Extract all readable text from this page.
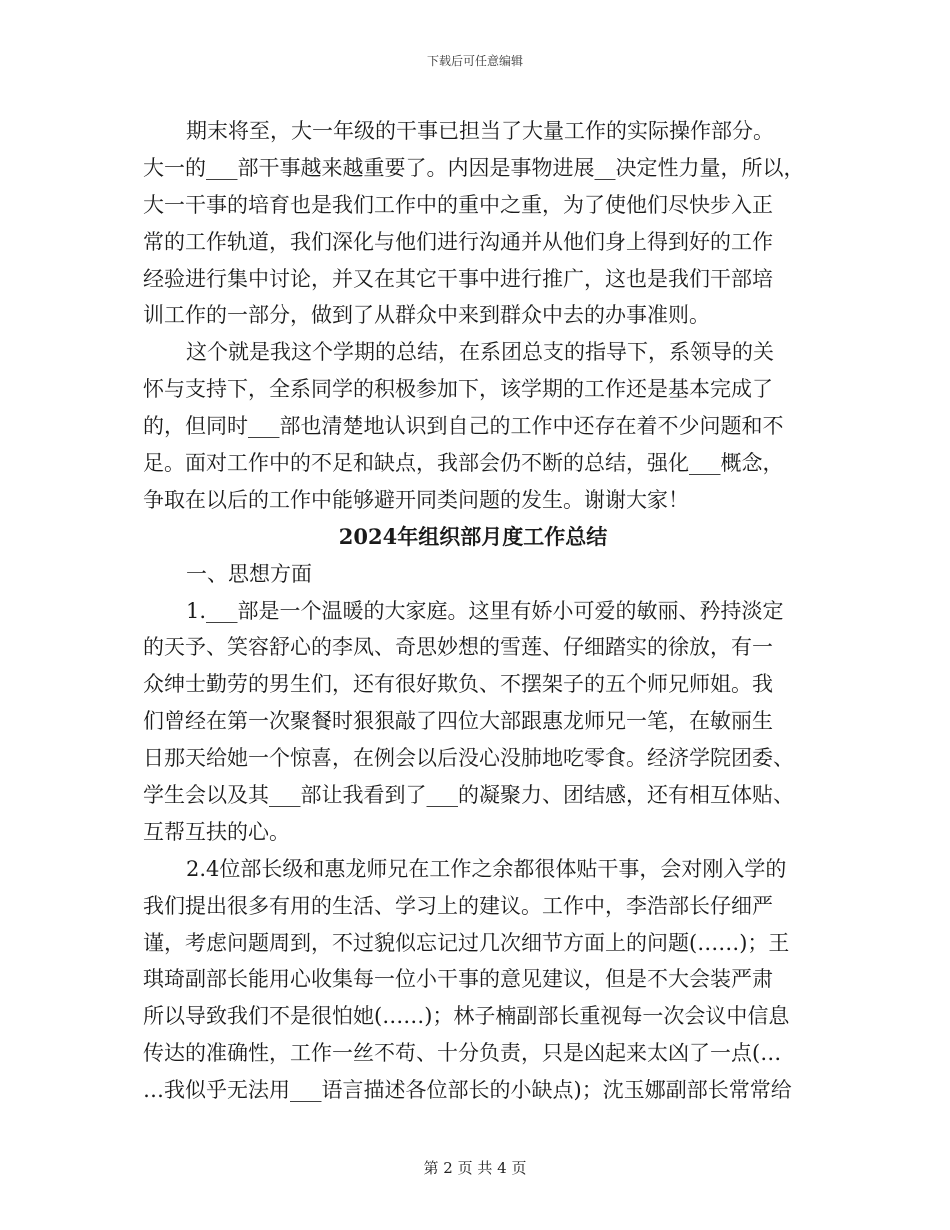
下载后可任意编辑
期末将至，大一年级的干事已担当了大量工作的实际操作部分。
大一的___部干事越来越重要了。内因是事物进展__决定性力量，所以，
大一干事的培育也是我们工作中的重中之重，为了使他们尽快步入正
常的工作轨道，我们深化与他们进行沟通并从他们身上得到好的工作
经验进行集中讨论，并又在其它干事中进行推广，这也是我们干部培
训工作的一部分，做到了从群众中来到群众中去的办事准则。
这个就是我这个学期的总结，在系团总支的指导下，系领导的关
怀与支持下，全系同学的积极参加下，该学期的工作还是基本完成了
的，但同时___部也清楚地认识到自己的工作中还存在着不少问题和不
足。面对工作中的不足和缺点，我部会仍不断的总结，强化___概念，
争取在以后的工作中能够避开同类问题的发生。谢谢大家！
2024年组织部月度工作总结
一、思想方面
1.___部是一个温暖的大家庭。这里有娇小可爱的敏丽、矜持淡定
的天予、笑容舒心的李凤、奇思妙想的雪莲、仔细踏实的徐放，有一
众绅士勤劳的男生们，还有很好欺负、不摆架子的五个师兄师姐。我
们曾经在第一次聚餐时狠狠敲了四位大部跟惠龙师兄一笔，在敏丽生
日那天给她一个惊喜，在例会以后没心没肺地吃零食。经济学院团委、
学生会以及其___部让我看到了___的凝聚力、团结感，还有相互体贴、
互帮互扶的心。
2.4位部长级和惠龙师兄在工作之余都很体贴干事，会对刚入学的
我们提出很多有用的生活、学习上的建议。工作中，李浩部长仔细严
谨，考虑问题周到，不过貌似忘记过几次细节方面上的问题(……)；王
琪琦副部长能用心收集每一位小干事的意见建议，但是不大会装严肃
所以导致我们不是很怕她(……)；林子楠副部长重视每一次会议中信息
传达的准确性，工作一丝不苟、十分负责，只是凶起来太凶了一点(…
…我似乎无法用___语言描述各位部长的小缺点)；沈玉娜副部长常常给
第 2 页 共 4 页
